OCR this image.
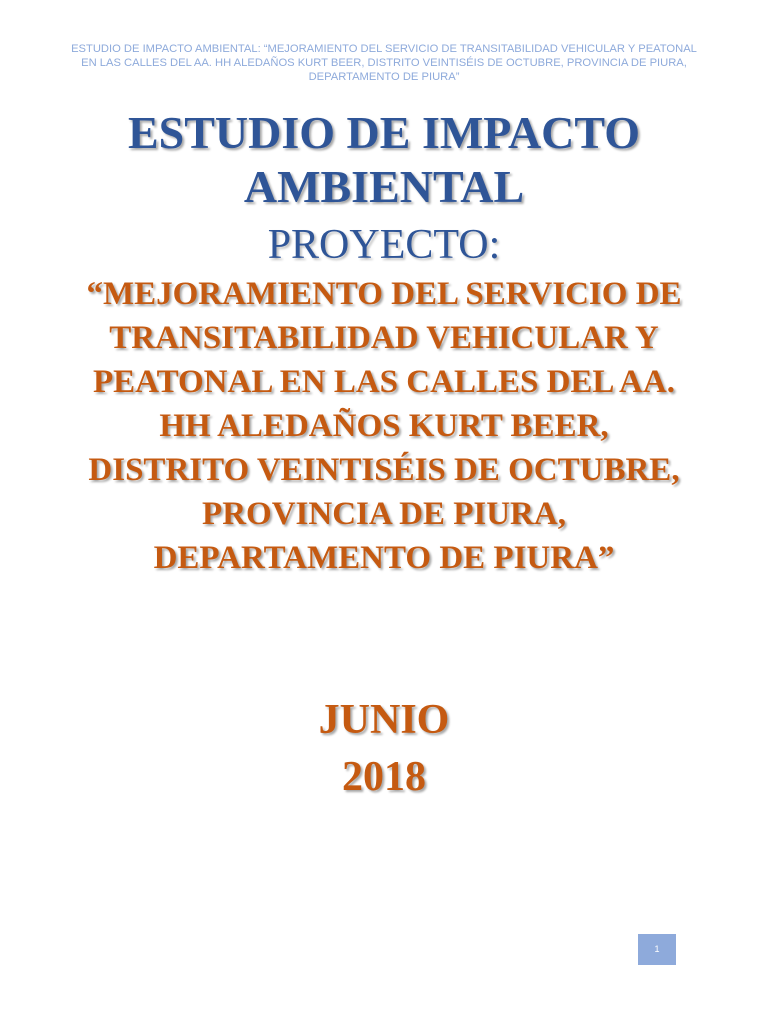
ESTUDIO DE IMPACTO AMBIENTAL: “MEJORAMIENTO DEL SERVICIO DE TRANSITABILIDAD VEHICULAR Y PEATONAL EN LAS CALLES DEL AA. HH ALEDAÑOS KURT BEER, DISTRITO VEINTISÉIS DE OCTUBRE, PROVINCIA DE PIURA, DEPARTAMENTO DE PIURA”
ESTUDIO DE IMPACTO AMBIENTAL
PROYECTO:
“MEJORAMIENTO DEL SERVICIO DE TRANSITABILIDAD VEHICULAR Y PEATONAL EN LAS CALLES DEL AA. HH ALEDAÑOS KURT BEER, DISTRITO VEINTISÉIS DE OCTUBRE, PROVINCIA DE PIURA, DEPARTAMENTO DE PIURA”
JUNIO
2018
1
